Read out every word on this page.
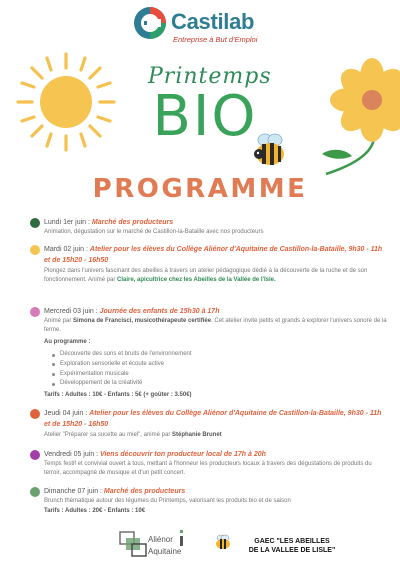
Castilab
Entreprise à But d'Emploi
Printemps
BIO
PROGRAMME
Lundi 1er juin : Marché des producteurs
Animation, dégustation sur le marché de Castillon-la-Bataille avec nos producteurs
Mardi 02 juin : Atelier pour les élèves du Collège Aliénor d'Aquitaine de Castillon-la-Bataille, 9h30 - 11h et de 15h20 - 16h50
Plongez dans l'univers fascinant des abeilles à travers un atelier pédagogique dédié à la découverte de la ruche et de son fonctionnement. Animé par Claire, apicultrice chez les Abeilles de la Vallée de l'Isle.
Mercredi 03 juin : Journée des enfants de 15h30 à 17h
Animé par Simona de Francisci, musicothérapeute certifiée. Cet atelier invite petits et grands à explorer l'univers sonore de la ferme.
Au programme :
Découverte des sons et bruits de l'environnement
Exploration sensorielle et écoute active
Expérimentation musicale
Développement de la créativité
Tarifs : Adultes : 10€ - Enfants : 5€ (+ goûter : 3.50€)
Jeudi 04 juin : Atelier pour les élèves du Collège Aliénor d'Aquitaine de Castillon-la-Bataille, 9h30 - 11h et de 15h20 - 16h50
Atelier "Préparer sa sucette au miel", animé par Stéphanie Brunet
Vendredi 05 juin : Viens découvrir ton producteur local de 17h à 20h
Temps festif et convivial ouvert à tous, mettant à l'honneur les producteurs locaux à travers des dégustations de produits du terroir, accompagné de musique et d'un petit concert.
Dimanche 07 juin : Marché des producteurs
Brunch thématique autour des légumes du Printemps, valorisant les produits bio et de saison
Tarifs : Adultes : 20€ - Enfants : 10€
Aliénor
Aquitaine
GAEC "LES ABEILLES
DE LA VALLEE DE LISLE"
